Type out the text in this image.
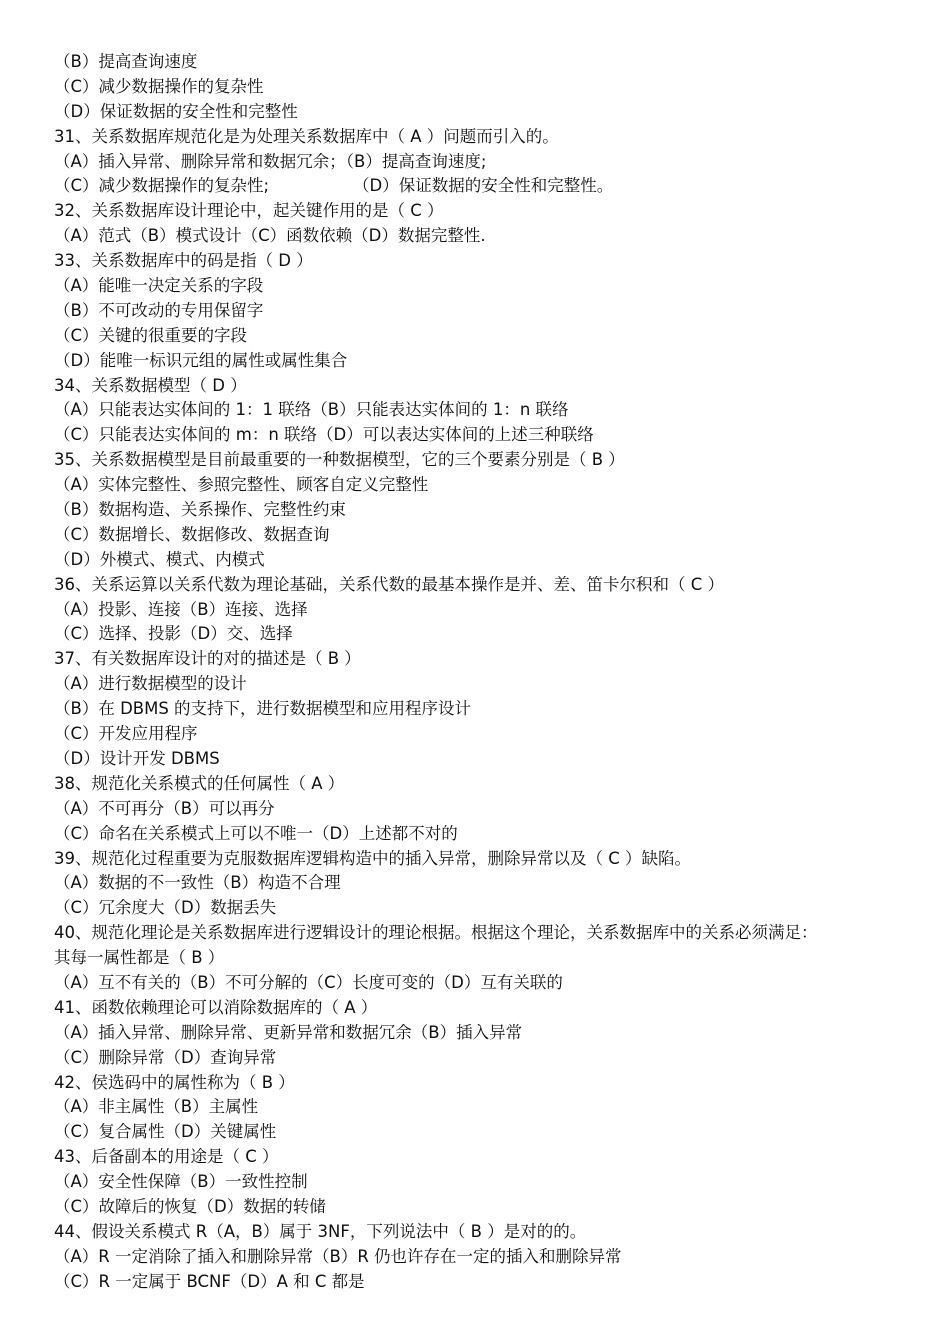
（B）提高查询速度
（C）减少数据操作的复杂性
（D）保证数据的安全性和完整性
31、关系数据库规范化是为处理关系数据库中（ A ）问题而引入的。
（A）插入异常、删除异常和数据冗余；（B）提高查询速度;
（C）减少数据操作的复杂性;                （D）保证数据的安全性和完整性。
32、关系数据库设计理论中，起关键作用的是（ C ）
（A）范式（B）模式设计（C）函数依赖（D）数据完整性.
33、关系数据库中的码是指（ D ）
（A）能唯一决定关系的字段
（B）不可改动的专用保留字
（C）关键的很重要的字段
（D）能唯一标识元组的属性或属性集合
34、关系数据模型（ D ）
（A）只能表达实体间的 1：1 联络（B）只能表达实体间的 1：n 联络
（C）只能表达实体间的 m：n 联络（D）可以表达实体间的上述三种联络
35、关系数据模型是目前最重要的一种数据模型，它的三个要素分别是（ B ）
（A）实体完整性、参照完整性、顾客自定义完整性
（B）数据构造、关系操作、完整性约束
（C）数据增长、数据修改、数据查询
（D）外模式、模式、内模式
36、关系运算以关系代数为理论基础，关系代数的最基本操作是并、差、笛卡尔积和（ C ）
（A）投影、连接（B）连接、选择
（C）选择、投影（D）交、选择
37、有关数据库设计的对的描述是（ B ）
（A）进行数据模型的设计
（B）在 DBMS 的支持下，进行数据模型和应用程序设计
（C）开发应用程序
（D）设计开发 DBMS
38、规范化关系模式的任何属性（ A ）
（A）不可再分（B）可以再分
（C）命名在关系模式上可以不唯一（D）上述都不对的
39、规范化过程重要为克服数据库逻辑构造中的插入异常，删除异常以及（ C ）缺陷。
（A）数据的不一致性（B）构造不合理
（C）冗余度大（D）数据丢失
40、规范化理论是关系数据库进行逻辑设计的理论根据。根据这个理论，关系数据库中的关系必须满足：
其每一属性都是（ B ）
（A）互不有关的（B）不可分解的（C）长度可变的（D）互有关联的
41、函数依赖理论可以消除数据库的（ A ）
（A）插入异常、删除异常、更新异常和数据冗余（B）插入异常
（C）删除异常（D）查询异常
42、侯选码中的属性称为（ B ）
（A）非主属性（B）主属性
（C）复合属性（D）关键属性
43、后备副本的用途是（ C ）
（A）安全性保障（B）一致性控制
（C）故障后的恢复（D）数据的转储
44、假设关系模式 R（A，B）属于 3NF，下列说法中（ B ）是对的的。
（A）R 一定消除了插入和删除异常（B）R 仍也许存在一定的插入和删除异常
（C）R 一定属于 BCNF（D）A 和 C 都是
